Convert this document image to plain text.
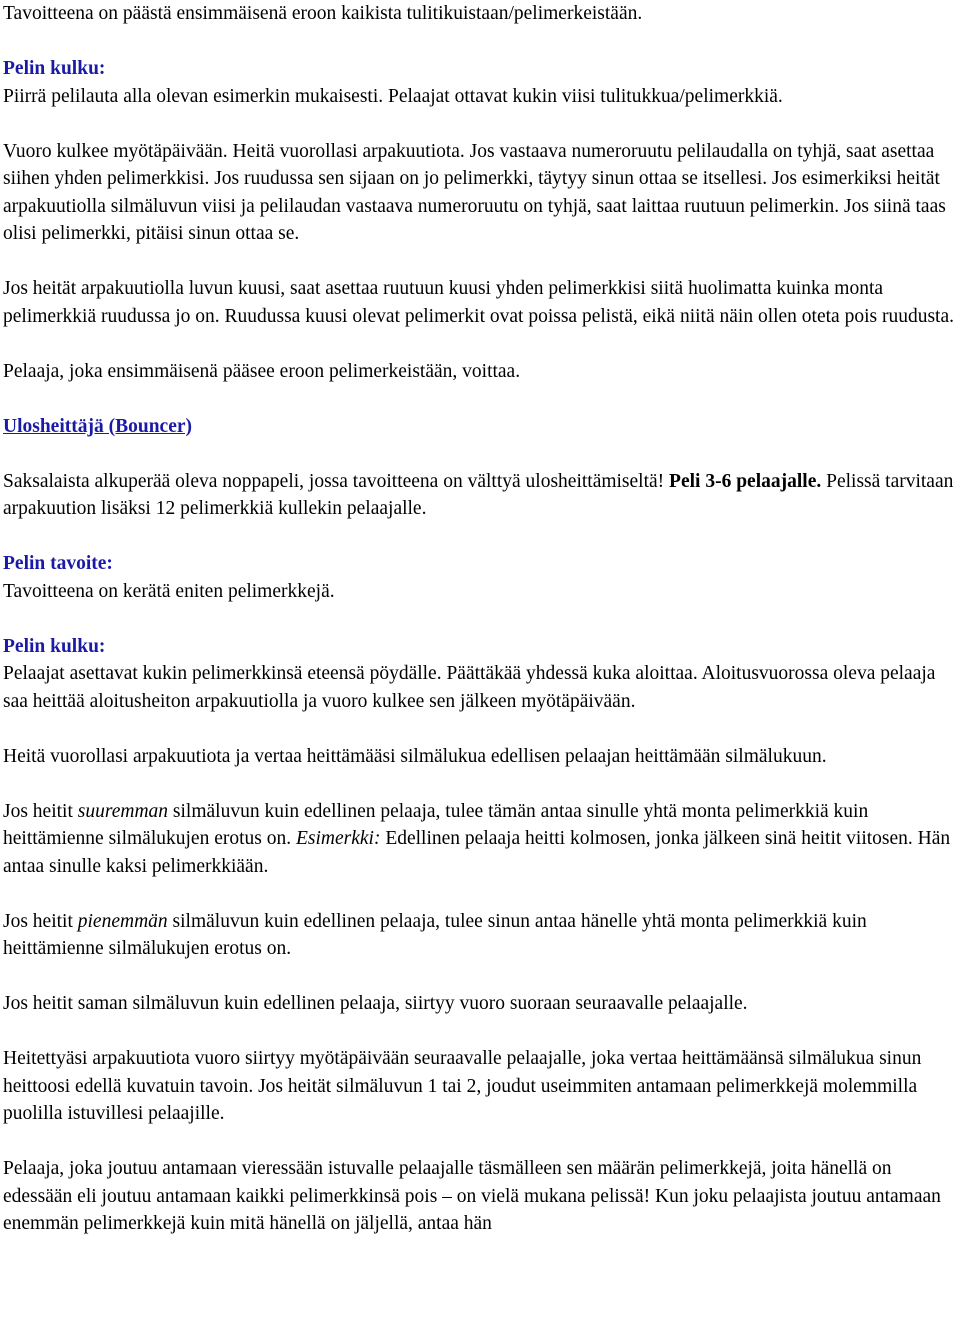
Tavoitteena on päästä ensimmäisenä eroon kaikista tulitikuistaan/pelimerkeistään.

Pelin kulku:

Piirrä pelilauta alla olevan esimerkin mukaisesti. Pelaajat ottavat kukin viisi tulitukkua/pelimerkkiä.

Vuoro kulkee myötäpäivään. Heitä vuorollasi arpakuutiota. Jos vastaava numeroruutu pelilaudalla on tyhjä, saat asettaa siihen yhden pelimerkkisi. Jos ruudussa sen sijaan on jo pelimerkki, täytyy sinun ottaa se itsellesi. Jos esimerkiksi heität arpakuutiolla silmäluvun viisi ja pelilaudan vastaava numeroruutu on tyhjä, saat laittaa ruutuun pelimerkin. Jos siinä taas olisi pelimerkki, pitäisi sinun ottaa se.

Jos heität arpakuutiolla luvun kuusi, saat asettaa ruutuun kuusi yhden pelimerkkisi siitä huolimatta kuinka monta pelimerkkiä ruudussa jo on. Ruudussa kuusi olevat pelimerkit ovat poissa pelistä, eikä niitä näin ollen oteta pois ruudusta.

Pelaaja, joka ensimmäisenä pääsee eroon pelimerkeistään, voittaa.

Ulosheittäjä (Bouncer)

Saksalaista alkuperää oleva noppapeli, jossa tavoitteena on välttyä ulosheittämiseltä! Peli 3-6 pelaajalle. Pelissä tarvitaan arpakuution lisäksi 12 pelimerkkiä kullekin pelaajalle.

Pelin tavoite:

Tavoitteena on kerätä eniten pelimerkkejä.

Pelin kulku:

Pelaajat asettavat kukin pelimerkkinsä eteensä pöydälle. Päättäkää yhdessä kuka aloittaa. Aloitusvuorossa oleva pelaaja saa heittää aloitusheiton arpakuutiolla ja vuoro kulkee sen jälkeen myötäpäivään.

Heitä vuorollasi arpakuutiota ja vertaa heittämääsi silmälukua edellisen pelaajan heittämään silmälukuun.

Jos heitit suuremman silmäluvun kuin edellinen pelaaja, tulee tämän antaa sinulle yhtä monta pelimerkkiä kuin heittämienne silmälukujen erotus on. Esimerkki: Edellinen pelaaja heitti kolmosen, jonka jälkeen sinä heitit viitosen. Hän antaa sinulle kaksi pelimerkkiään.

Jos heitit pienemmän silmäluvun kuin edellinen pelaaja, tulee sinun antaa hänelle yhtä monta pelimerkkiä kuin heittämienne silmälukujen erotus on.

Jos heitit saman silmäluvun kuin edellinen pelaaja, siirtyy vuoro suoraan seuraavalle pelaajalle.

Heitettyäsi arpakuutiota vuoro siirtyy myötäpäivään seuraavalle pelaajalle, joka vertaa heittämäänsä silmälukua sinun heittoosi edellä kuvatuin tavoin. Jos heität silmäluvun 1 tai 2, joudut useimmiten antamaan pelimerkkejä molemmilla puolilla istuvillesi pelaajille.

Pelaaja, joka joutuu antamaan vieressään istuvalle pelaajalle täsmälleen sen määrän pelimerkkejä, joita hänellä on edessään eli joutuu antamaan kaikki pelimerkkinsä pois – on vielä mukana pelissä! Kun joku pelaajista joutuu antamaan enemmän pelimerkkejä kuin mitä hänellä on jäljellä, antaa hän
